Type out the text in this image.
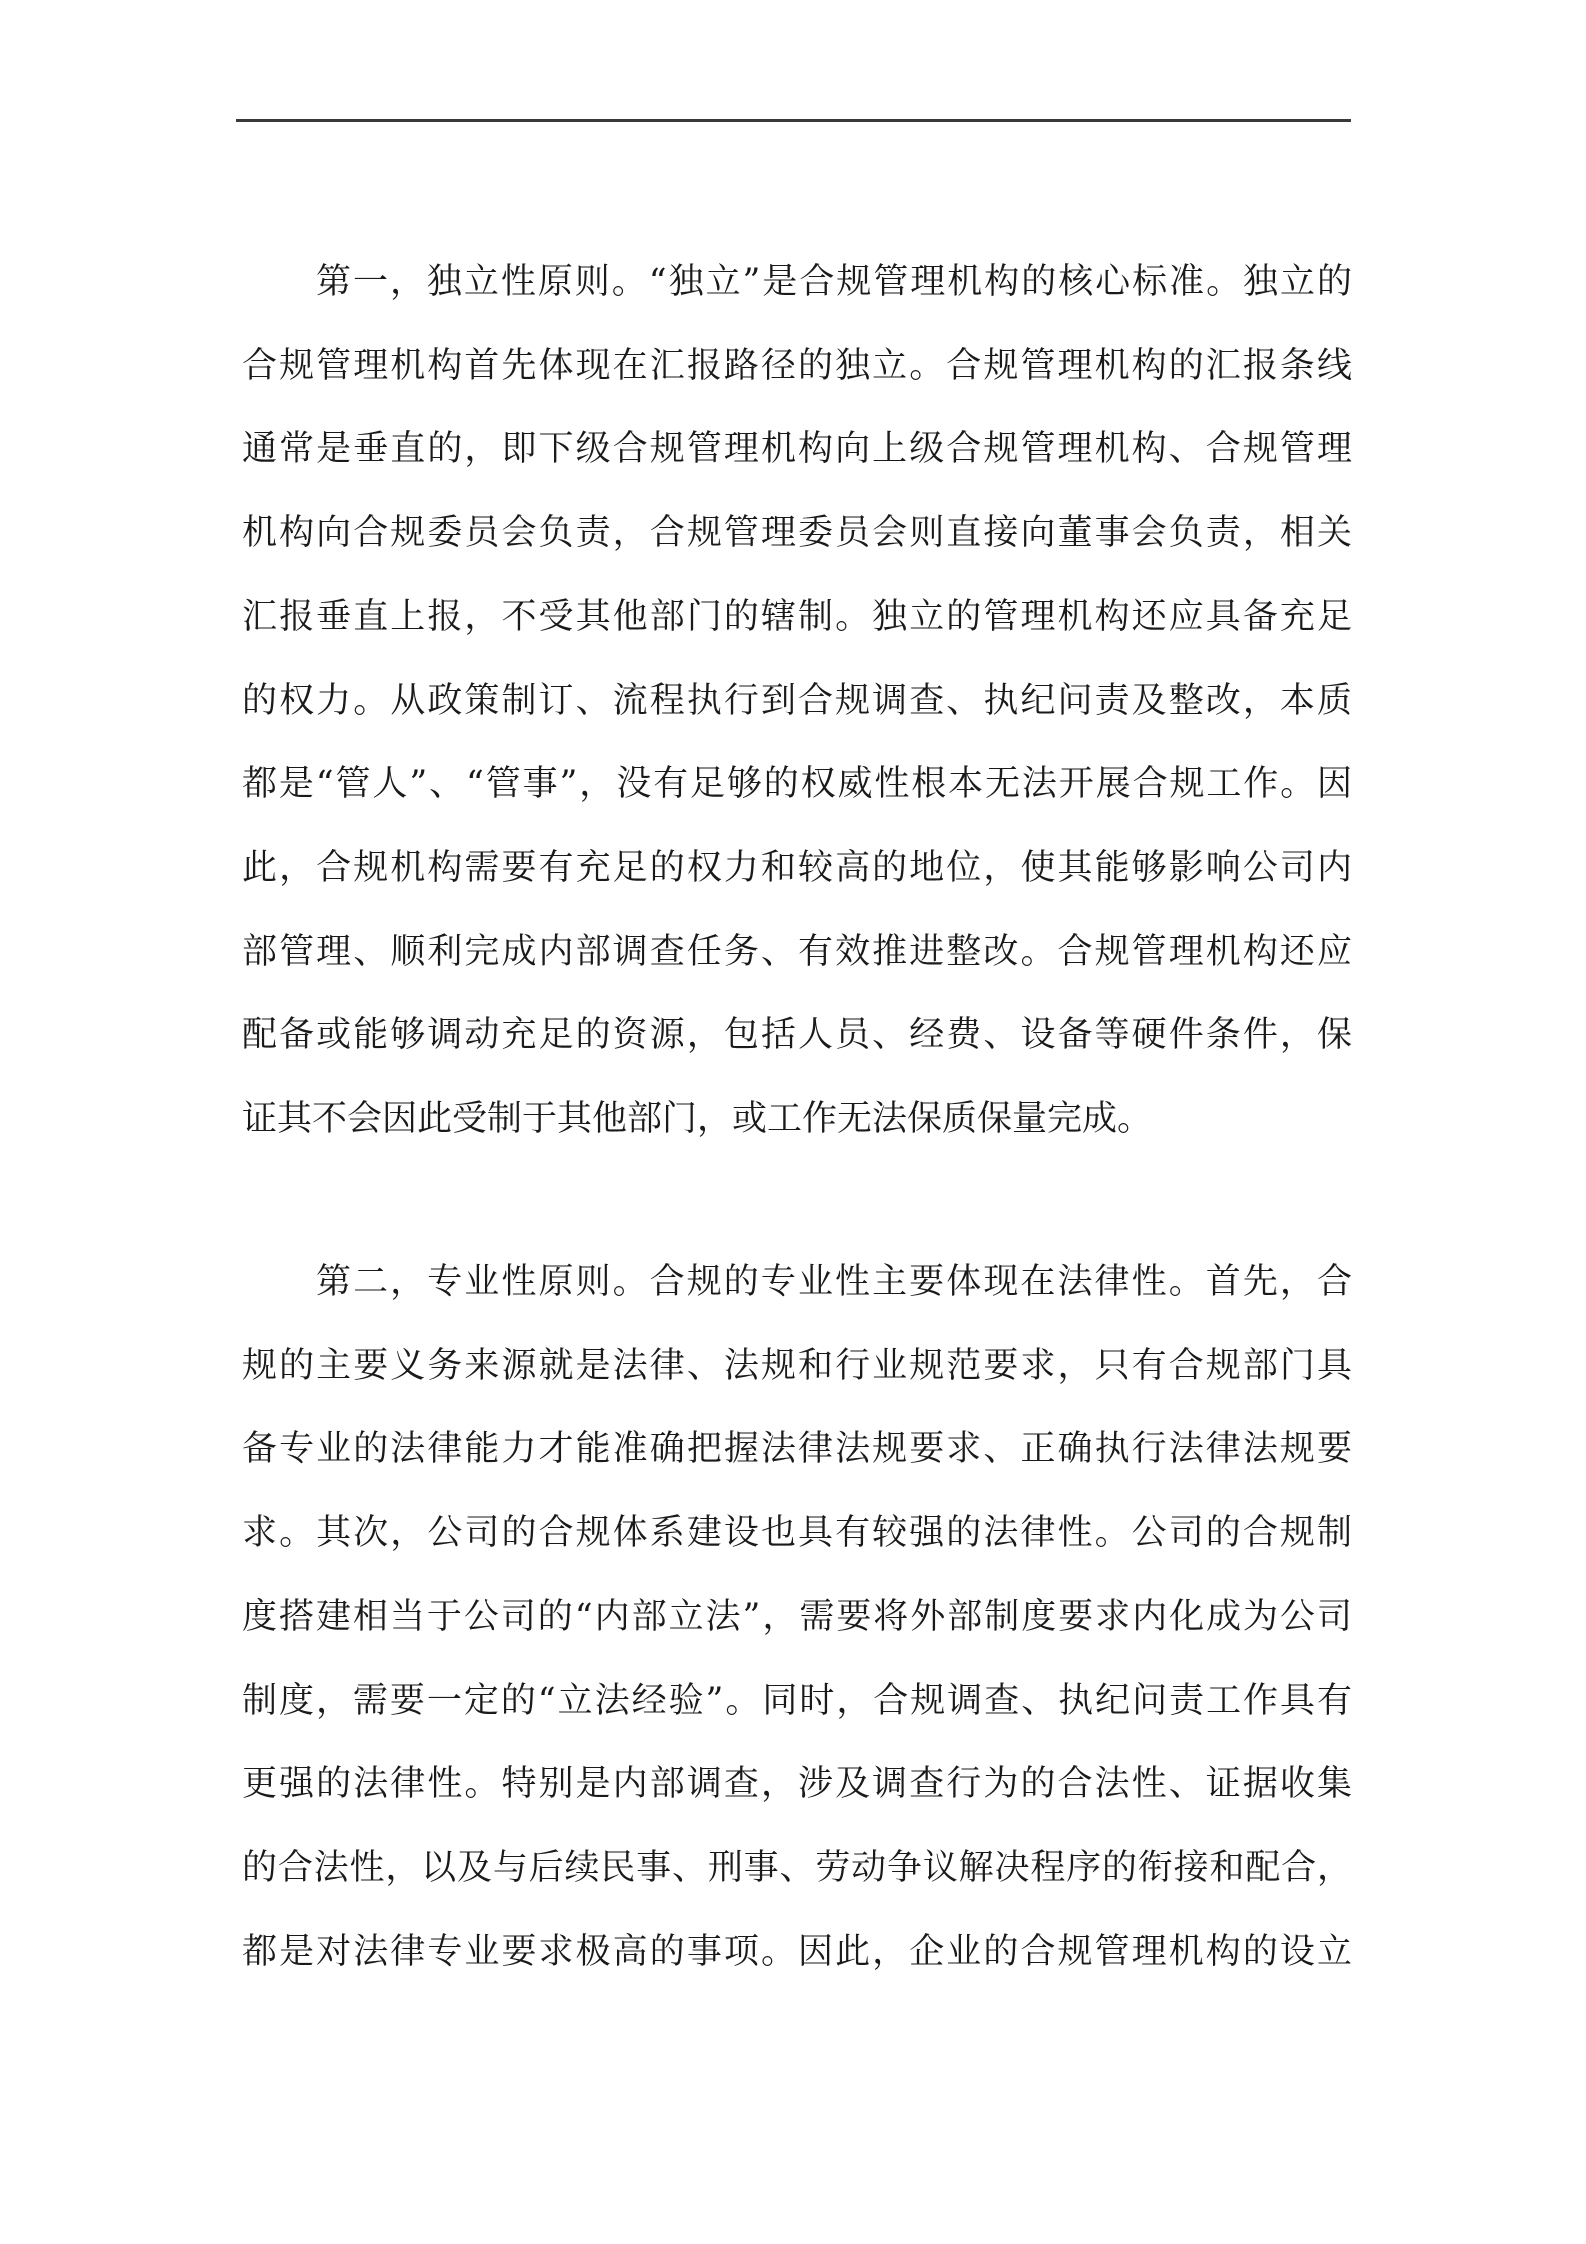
第一，独立性原则。“独立”是合规管理机构的核心标准。独立的
合规管理机构首先体现在汇报路径的独立。合规管理机构的汇报条线
通常是垂直的，即下级合规管理机构向上级合规管理机构、合规管理
机构向合规委员会负责，合规管理委员会则直接向董事会负责，相关
汇报垂直上报，不受其他部门的辖制。独立的管理机构还应具备充足
的权力。从政策制订、流程执行到合规调查、执纪问责及整改，本质
都是“管人”、“管事”，没有足够的权威性根本无法开展合规工作。因
此，合规机构需要有充足的权力和较高的地位，使其能够影响公司内
部管理、顺利完成内部调查任务、有效推进整改。合规管理机构还应
配备或能够调动充足的资源，包括人员、经费、设备等硬件条件，保
证其不会因此受制于其他部门，或工作无法保质保量完成。
第二，专业性原则。合规的专业性主要体现在法律性。首先，合
规的主要义务来源就是法律、法规和行业规范要求，只有合规部门具
备专业的法律能力才能准确把握法律法规要求、正确执行法律法规要
求。其次，公司的合规体系建设也具有较强的法律性。公司的合规制
度搭建相当于公司的“内部立法”，需要将外部制度要求内化成为公司
制度，需要一定的“立法经验”。同时，合规调查、执纪问责工作具有
更强的法律性。特别是内部调查，涉及调查行为的合法性、证据收集
的合法性，以及与后续民事、刑事、劳动争议解决程序的衔接和配合，
都是对法律专业要求极高的事项。因此，企业的合规管理机构的设立
